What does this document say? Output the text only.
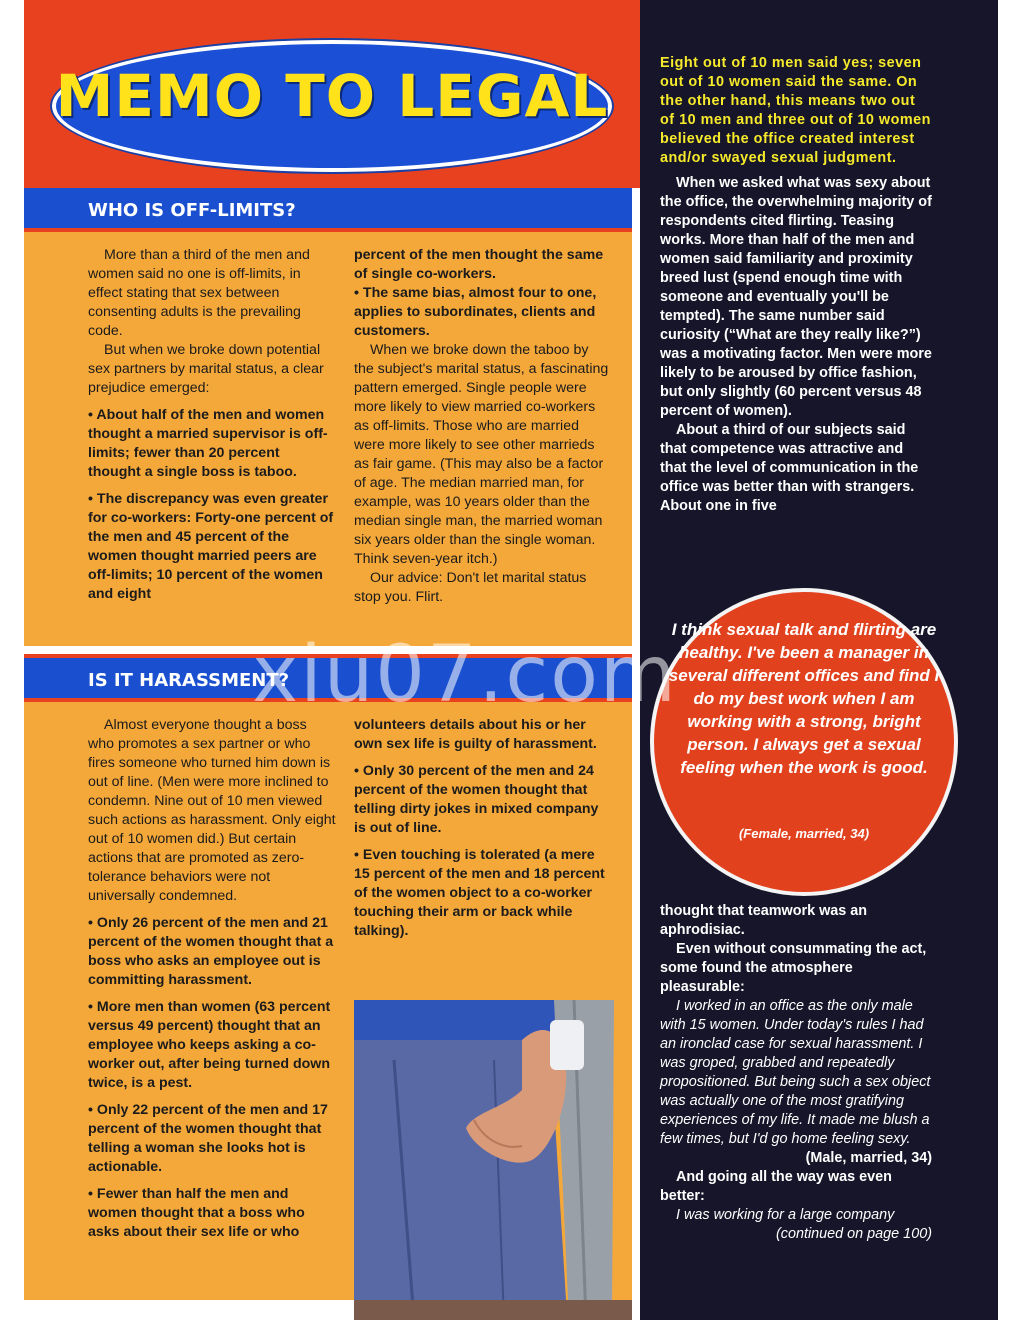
MEMO TO LEGAL
WHO IS OFF-LIMITS?

More than a third of the men and women said no one is off-limits, in effect stating that sex between consenting adults is the prevailing code.

But when we broke down potential sex partners by marital status, a clear prejudice emerged:

• About half of the men and women thought a married supervisor is off-limits; fewer than 20 percent thought a single boss is taboo.

• The discrepancy was even greater for co-workers: Forty-one percent of the men and 45 percent of the women thought married peers are off-limits; 10 percent of the women and eight

percent of the men thought the same of single co-workers.

• The same bias, almost four to one, applies to subordinates, clients and customers.

When we broke down the taboo by the subject's marital status, a fascinating pattern emerged. Single people were more likely to view married co-workers as off-limits. Those who are married were more likely to see other marrieds as fair game. (This may also be a factor of age. The median married man, for example, was 10 years older than the median single man, the married woman six years older than the single woman. Think seven-year itch.)

Our advice: Don't let marital status stop you. Flirt.

IS IT HARASSMENT?

Almost everyone thought a boss who promotes a sex partner or who fires someone who turned him down is out of line. (Men were more inclined to condemn. Nine out of 10 men viewed such actions as harassment. Only eight out of 10 women did.) But certain actions that are promoted as zero-tolerance behaviors were not universally condemned.

• Only 26 percent of the men and 21 percent of the women thought that a boss who asks an employee out is committing harassment.

• More men than women (63 percent versus 49 percent) thought that an employee who keeps asking a co-worker out, after being turned down twice, is a pest.

• Only 22 percent of the men and 17 percent of the women thought that telling a woman she looks hot is actionable.

• Fewer than half the men and women thought that a boss who asks about their sex life or who

volunteers details about his or her own sex life is guilty of harassment.

• Only 30 percent of the men and 24 percent of the women thought that telling dirty jokes in mixed company is out of line.

• Even touching is tolerated (a mere 15 percent of the men and 18 percent of the women object to a co-worker touching their arm or back while talking).

Eight out of 10 men said yes; seven out of 10 women said the same. On the other hand, this means two out of 10 men and three out of 10 women believed the office created interest and/or swayed sexual judgment.

When we asked what was sexy about the office, the overwhelming majority of respondents cited flirting. Teasing works. More than half of the men and women said familiarity and proximity breed lust (spend enough time with someone and eventually you'll be tempted). The same number said curiosity (“What are they really like?”) was a motivating factor. Men were more likely to be aroused by office fashion, but only slightly (60 percent versus 48 percent of women).

About a third of our subjects said that competence was attractive and that the level of communication in the office was better than with strangers. About one in five

I think sexual talk and flirting are healthy. I've been a manager in several different offices and find I do my best work when I am working with a strong, bright person. I always get a sexual feeling when the work is good.
(Female, married, 34)

thought that teamwork was an aphrodisiac.

Even without consummating the act, some found the atmosphere pleasurable:

I worked in an office as the only male with 15 women. Under today's rules I had an ironclad case for sexual harassment. I was groped, grabbed and repeatedly propositioned. But being such a sex object was actually one of the most gratifying experiences of my life. It made me blush a few times, but I'd go home feeling sexy.

(Male, married, 34)

And going all the way was even better:

I was working for a large company

(continued on page 100)

xiu07.com
